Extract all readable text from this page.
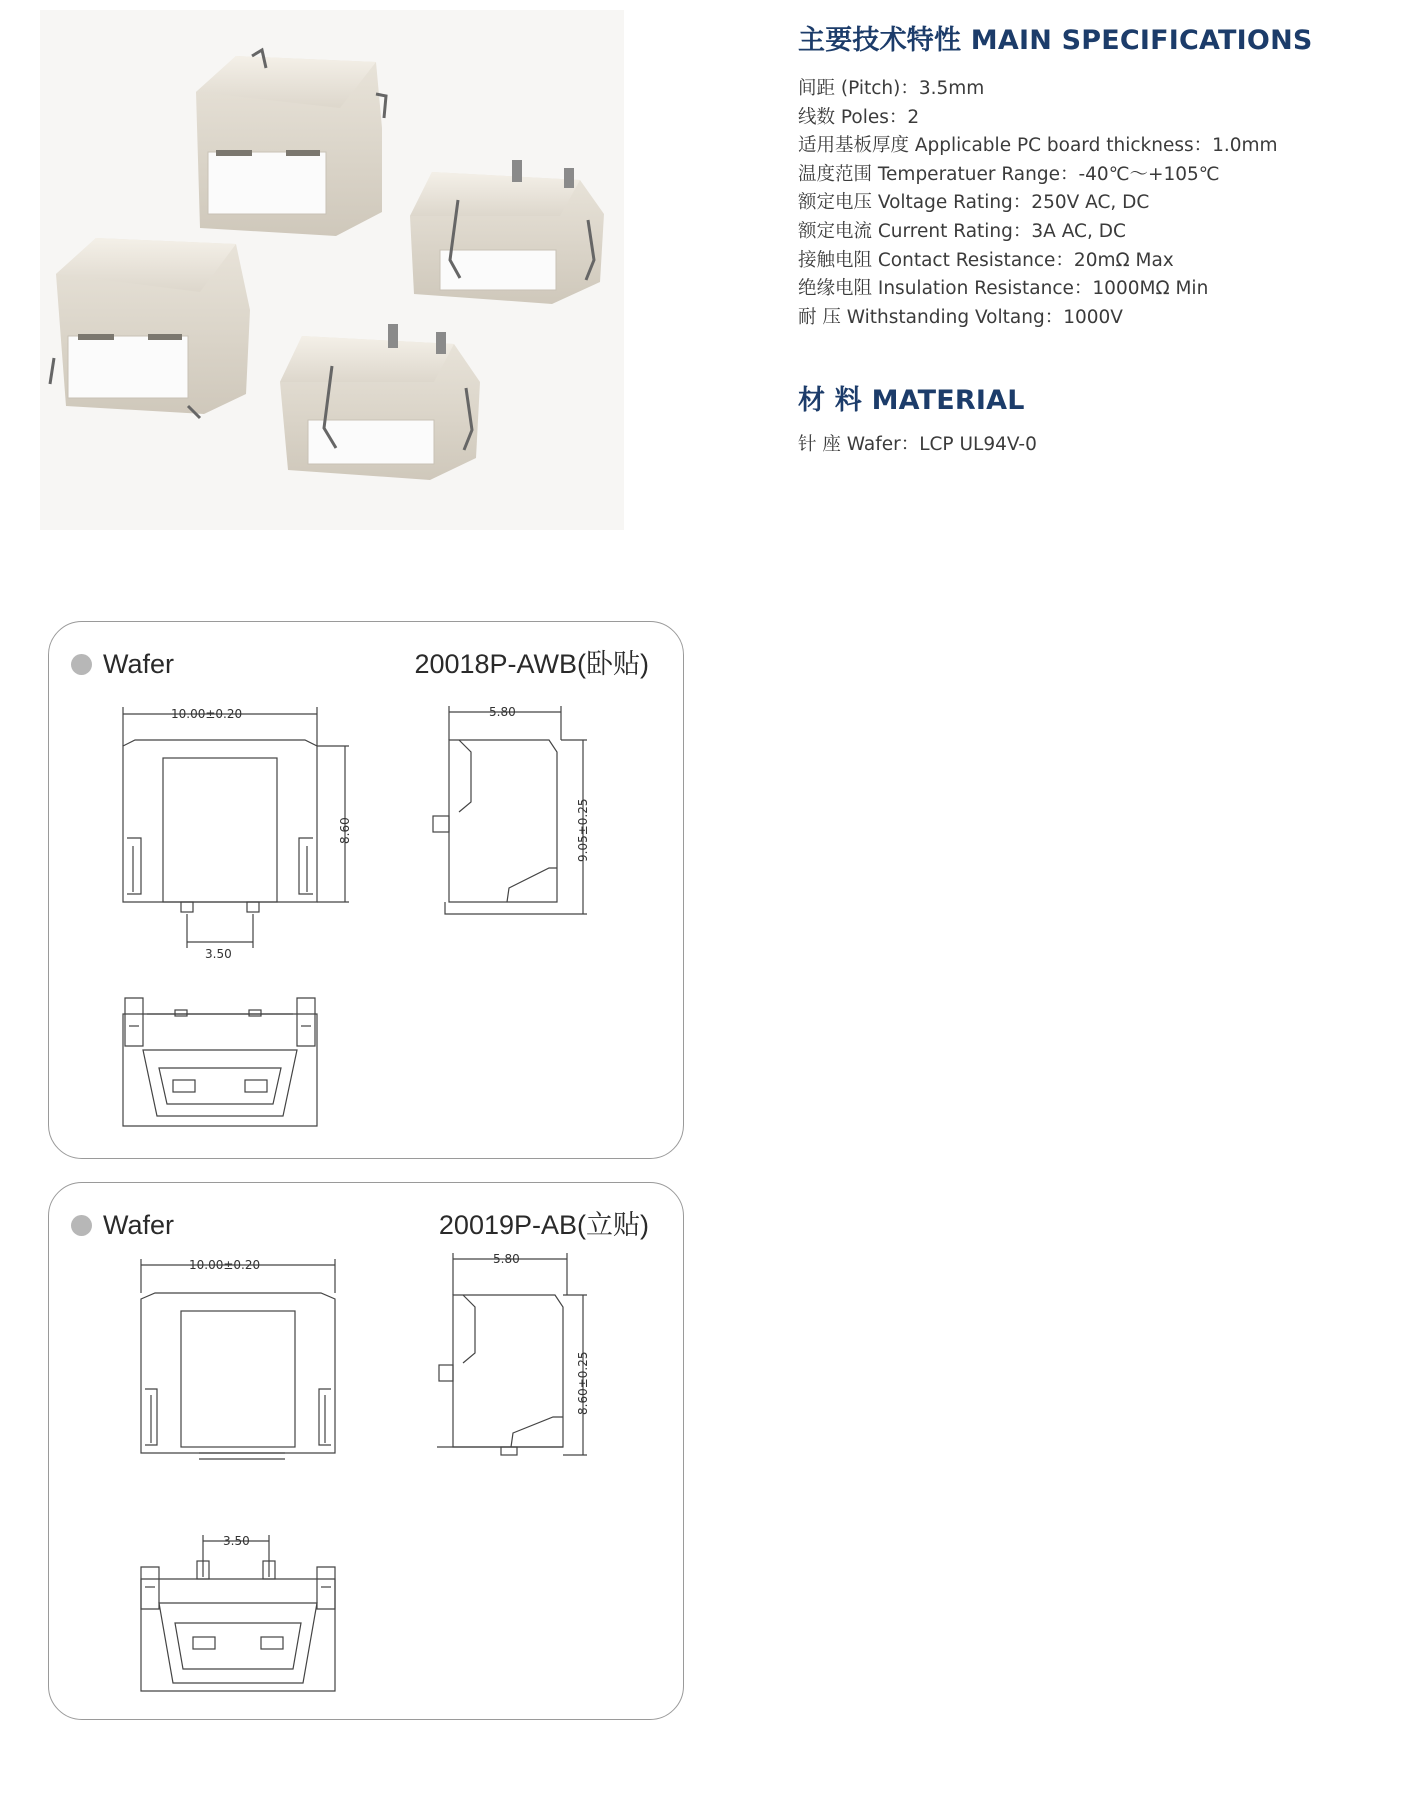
主要技术特性 MAIN SPECIFICATIONS
间距 (Pitch)：3.5mm
线数 Poles：2
适用基板厚度 Applicable PC board thickness：1.0mm
温度范围 Temperatuer Range：-40℃～+105℃
额定电压 Voltage Rating：250V AC, DC
额定电流 Current Rating：3A AC, DC
接触电阻 Contact Resistance：20mΩ Max
绝缘电阻 Insulation Resistance：1000MΩ Min
耐 压 Withstanding Voltang：1000V
材 料 MATERIAL
针 座 Wafer：LCP UL94V-0
Wafer	20018P-AWB(卧贴)
10.00±0.20
8.60
3.50
5.80
9.05±0.25
Wafer	20019P-AB(立贴)
10.00±0.20	5.80
8.60±0.25
3.50
